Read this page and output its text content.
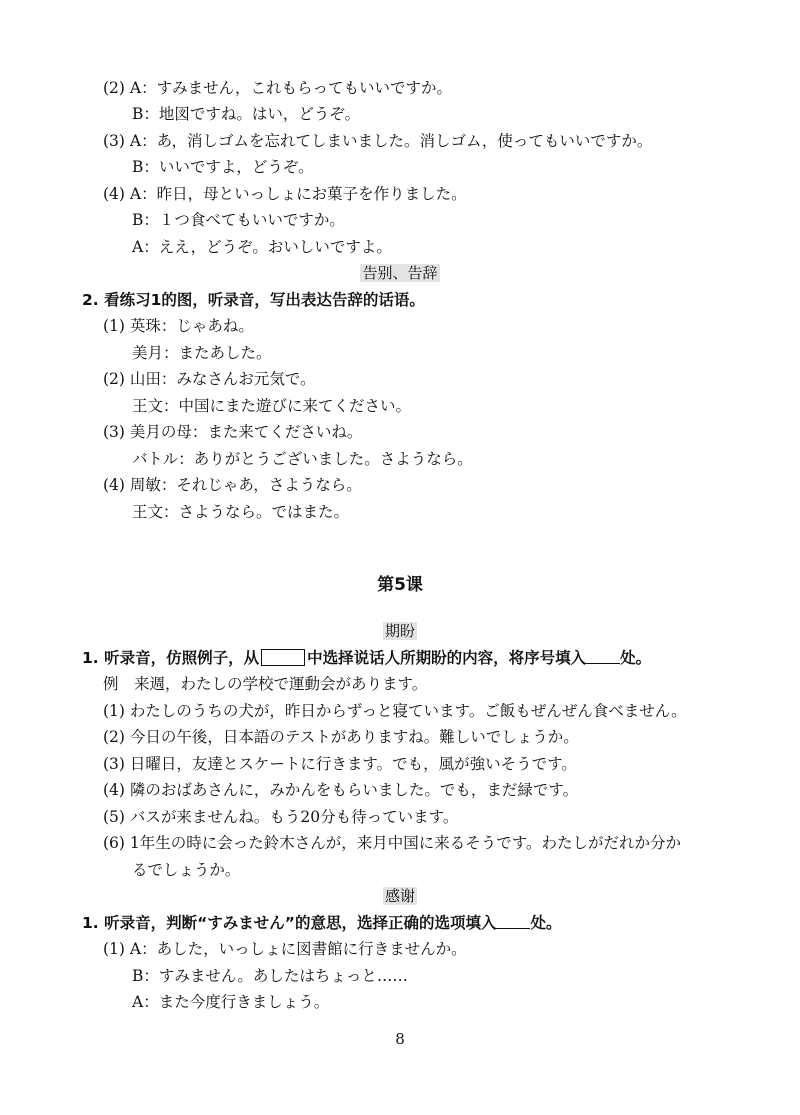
(2) A：すみません，これもらってもいいですか。
B：地図ですね。はい，どうぞ。
(3) A：あ，消しゴムを忘れてしまいました。消しゴム，使ってもいいですか。
B：いいですよ，どうぞ。
(4) A：昨日，母といっしょにお菓子を作りました。
B：１つ食べてもいいですか。
A：ええ，どうぞ。おいしいですよ。
告别、告辞
2. 看练习1的图，听录音，写出表达告辞的话语。
(1) 英珠：じゃあね。
美月：またあした。
(2) 山田：みなさんお元気で。
王文：中国にまた遊びに来てください。
(3) 美月の母：また来てくださいね。
バトル：ありがとうございました。さようなら。
(4) 周敏：それじゃあ，さようなら。
王文：さようなら。ではまた。
第5课
期盼
1. 听录音，仿照例子，从	中选择说话人所期盼的内容，将序号填入 处。
例　来週，わたしの学校で運動会があります。
(1) わたしのうちの犬が，昨日からずっと寝ています。ご飯もぜんぜん食べません。
(2) 今日の午後，日本語のテストがありますね。難しいでしょうか。
(3) 日曜日，友達とスケートに行きます。でも，風が強いそうです。
(4) 隣のおばあさんに，みかんをもらいました。でも，まだ緑です。
(5) バスが来ませんね。もう20分も待っています。
(6) 1年生の時に会った鈴木さんが，来月中国に来るそうです。わたしがだれか分か
るでしょうか。
感谢
1. 听录音，判断“すみません”的意思，选择正确的选项填入 处。
(1) A：あした，いっしょに図書館に行きませんか。
B：すみません。あしたはちょっと……
A：また今度行きましょう。
8
